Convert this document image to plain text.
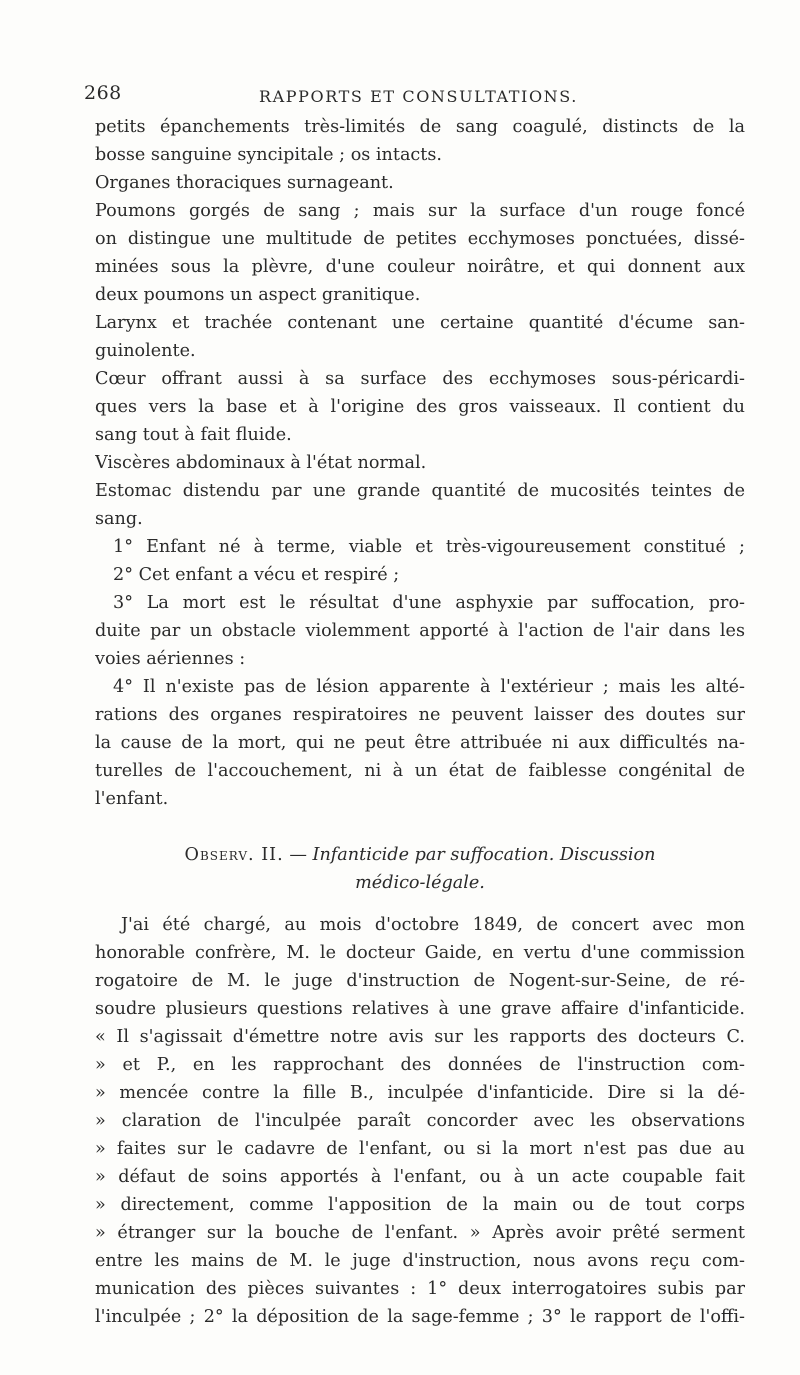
268	RAPPORTS ET CONSULTATIONS.
petits épanchements très-limités de sang coagulé, distincts de la
bosse sanguine syncipitale ; os intacts.
Organes thoraciques surnageant.
Poumons gorgés de sang ; mais sur la surface d'un rouge foncé
on distingue une multitude de petites ecchymoses ponctuées, dissé-
minées sous la plèvre, d'une couleur noirâtre, et qui donnent aux
deux poumons un aspect granitique.
Larynx et trachée contenant une certaine quantité d'écume san-
guinolente.
Cœur offrant aussi à sa surface des ecchymoses sous-péricardi-
ques vers la base et à l'origine des gros vaisseaux. Il contient du
sang tout à fait fluide.
Viscères abdominaux à l'état normal.
Estomac distendu par une grande quantité de mucosités teintes de
sang.
1° Enfant né à terme, viable et très-vigoureusement constitué ;
2° Cet enfant a vécu et respiré ;
3° La mort est le résultat d'une asphyxie par suffocation, pro-
duite par un obstacle violemment apporté à l'action de l'air dans les
voies aériennes :
4° Il n'existe pas de lésion apparente à l'extérieur ; mais les alté-
rations des organes respiratoires ne peuvent laisser des doutes sur
la cause de la mort, qui ne peut être attribuée ni aux difficultés na-
turelles de l'accouchement, ni à un état de faiblesse congénital de
l'enfant.
Observ. II. — Infanticide par suffocation. Discussion
médico-légale.
J'ai été chargé, au mois d'octobre 1849, de concert avec mon
honorable confrère, M. le docteur Gaide, en vertu d'une commission
rogatoire de M. le juge d'instruction de Nogent-sur-Seine, de ré-
soudre plusieurs questions relatives à une grave affaire d'infanticide.
« Il s'agissait d'émettre notre avis sur les rapports des docteurs C.
» et P., en les rapprochant des données de l'instruction com-
» mencée contre la fille B., inculpée d'infanticide. Dire si la dé-
» claration de l'inculpée paraît concorder avec les observations
» faites sur le cadavre de l'enfant, ou si la mort n'est pas due au
» défaut de soins apportés à l'enfant, ou à un acte coupable fait
» directement, comme l'apposition de la main ou de tout corps
» étranger sur la bouche de l'enfant. » Après avoir prêté serment
entre les mains de M. le juge d'instruction, nous avons reçu com-
munication des pièces suivantes : 1° deux interrogatoires subis par
l'inculpée ; 2° la déposition de la sage-femme ; 3° le rapport de l'offi-
